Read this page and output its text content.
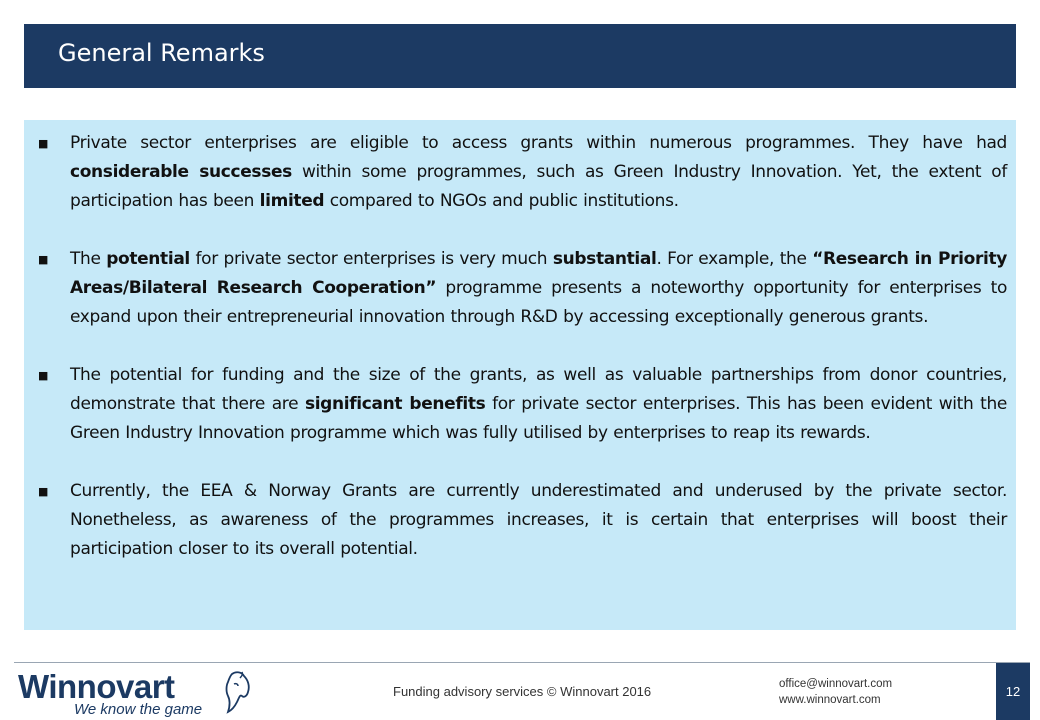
General Remarks
■	Private sector enterprises are eligible to access grants within numerous programmes. They have had considerable successes within some programmes, such as Green Industry Innovation. Yet, the extent of participation has been limited compared to NGOs and public institutions.
■	The potential for private sector enterprises is very much substantial. For example, the “Research in Priority Areas/Bilateral Research Cooperation” programme presents a noteworthy opportunity for enterprises to expand upon their entrepreneurial innovation through R&D by accessing exceptionally generous grants.
■	The potential for funding and the size of the grants, as well as valuable partnerships from donor countries, demonstrate that there are significant benefits for private sector enterprises. This has been evident with the Green Industry Innovation programme which was fully utilised by enterprises to reap its rewards.
■	Currently, the EEA & Norway Grants are currently underestimated and underused by the private sector. Nonetheless, as awareness of the programmes increases, it is certain that enterprises will boost their participation closer to its overall potential.
Winnovart
We know the game
Funding advisory services © Winnovart 2016	office@winnovart.com
www.winnovart.com
12
